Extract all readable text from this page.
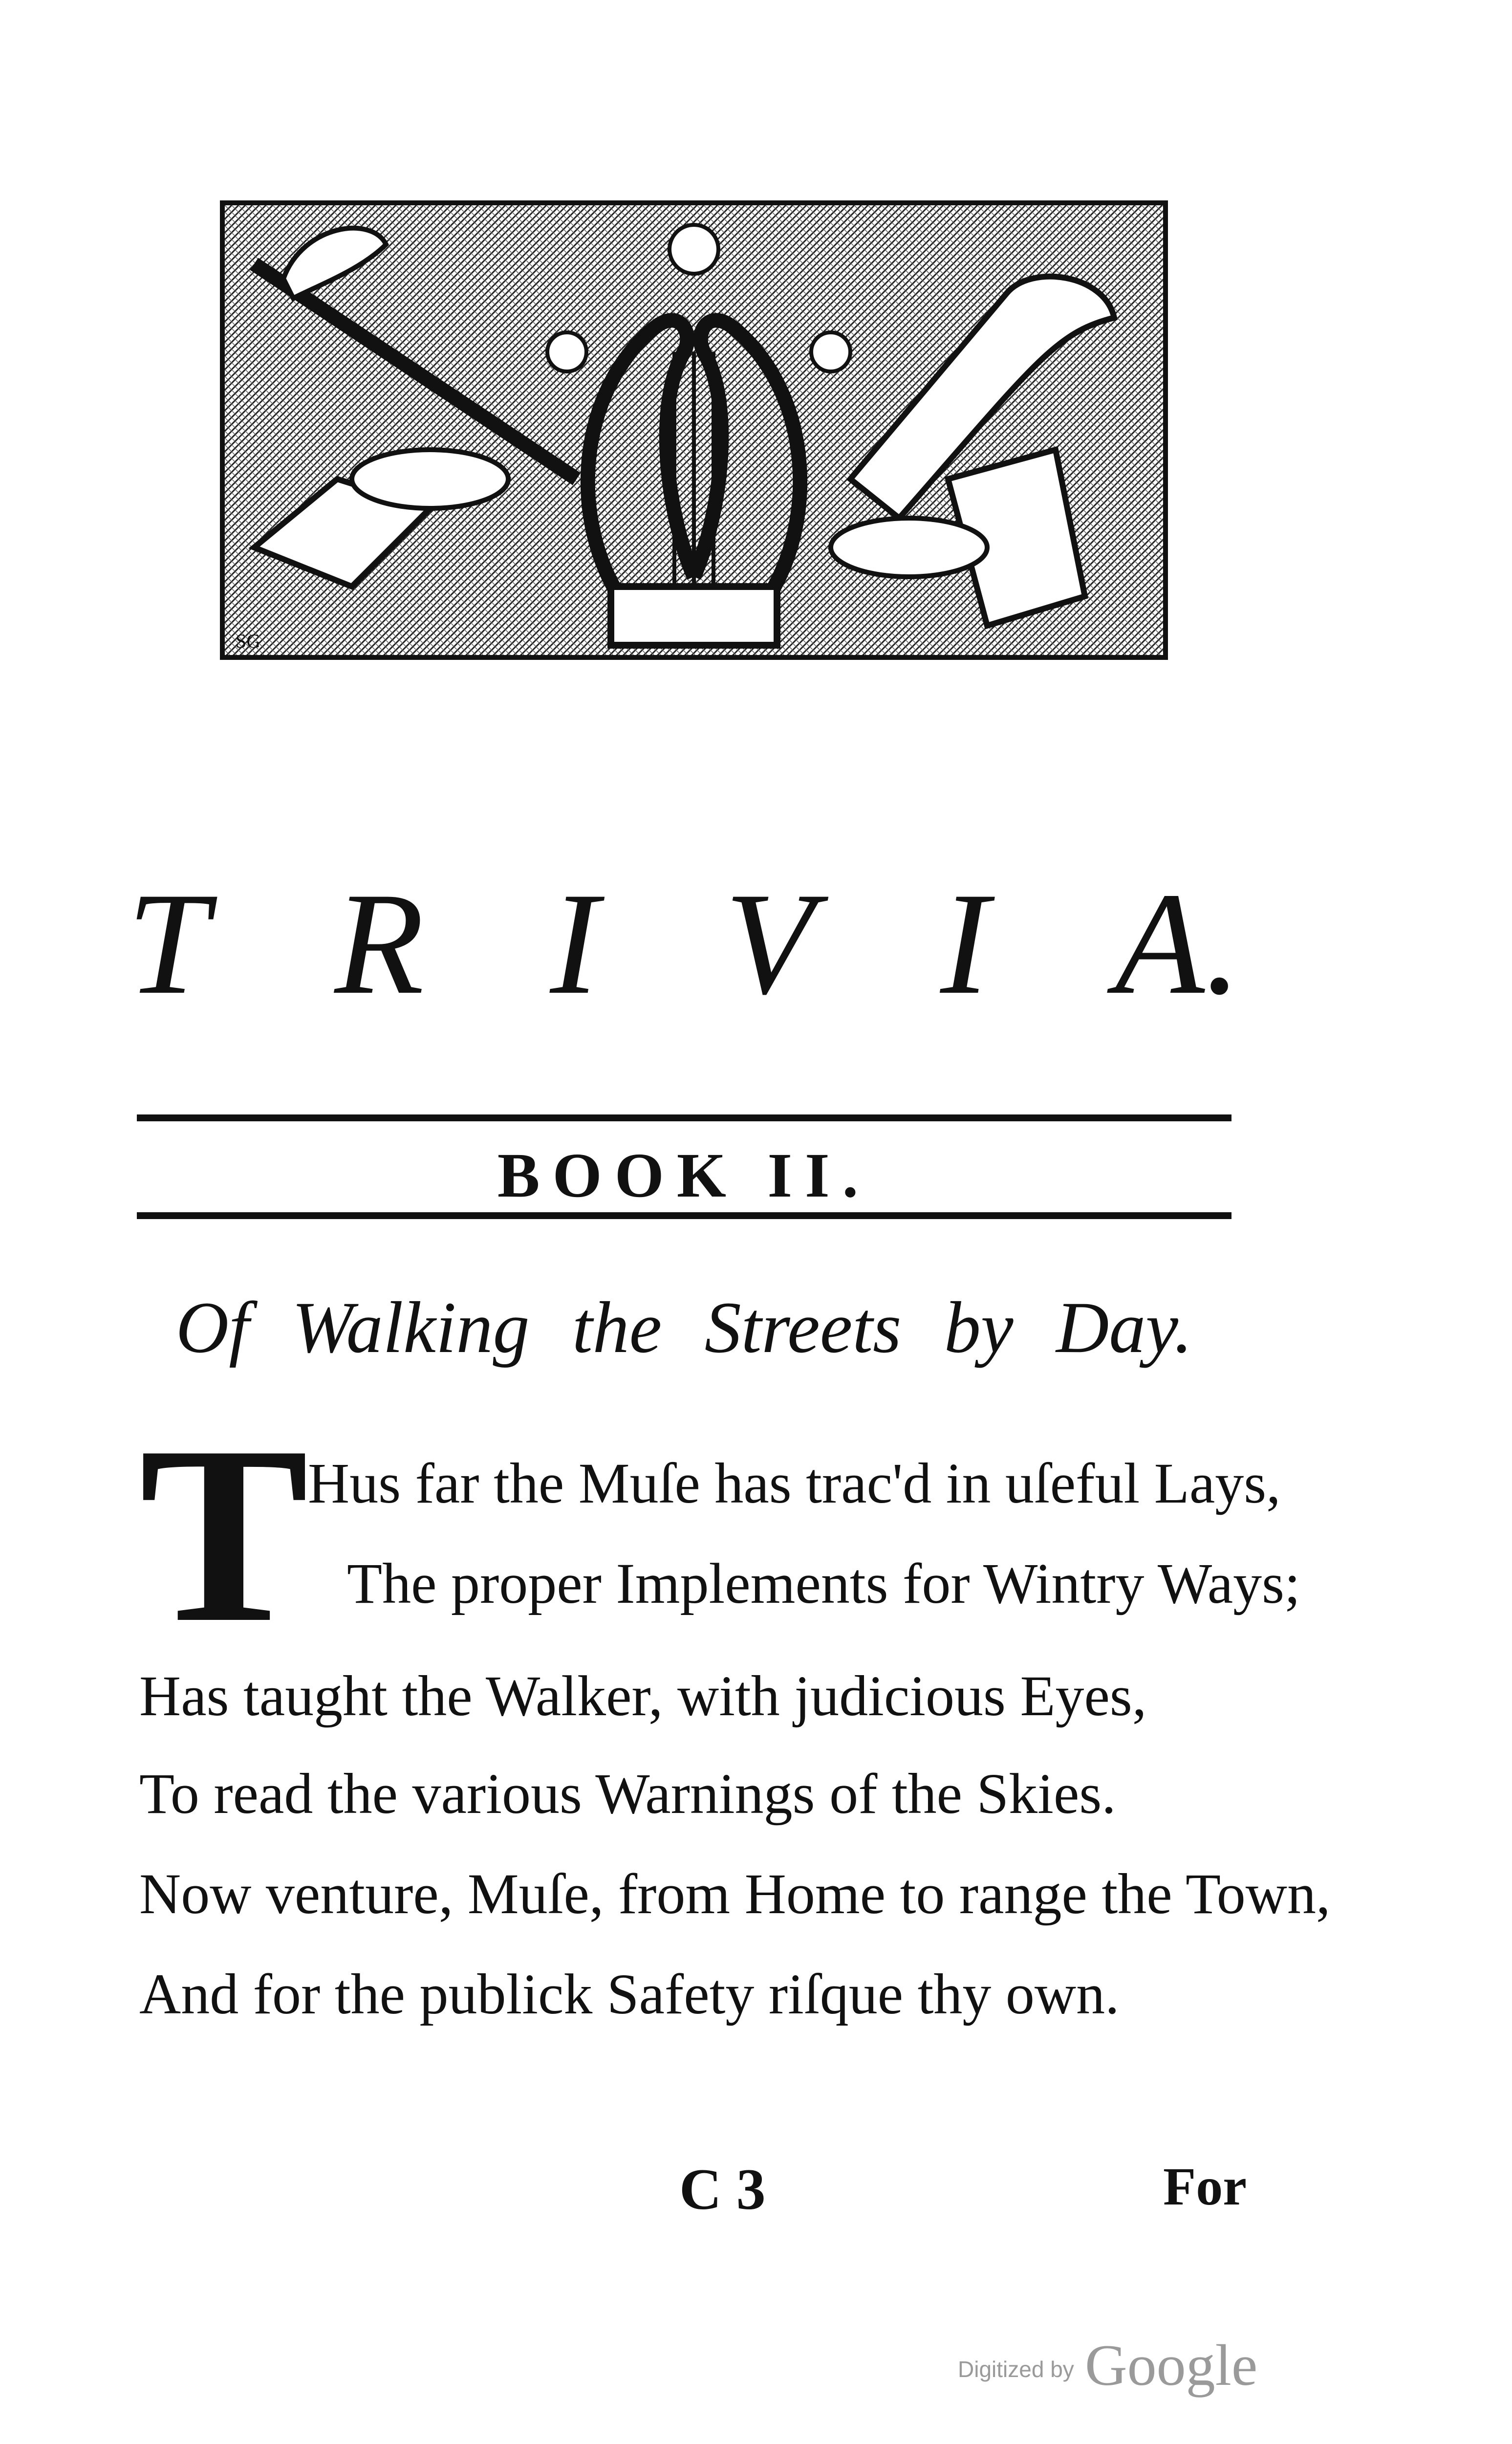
SG
T R I V I A.
BOOK II.
Of Walking the Streets by Day.
T
Hus far the Muſe has trac'd in uſeful Lays,
The proper Implements for Wintry Ways;
Has taught the Walker, with judicious Eyes,
To read the various Warnings of the Skies.
Now venture, Muſe, from Home to range the Town,
And for the publick Safety riſque thy own.
C 3	For
Digitized by Google
